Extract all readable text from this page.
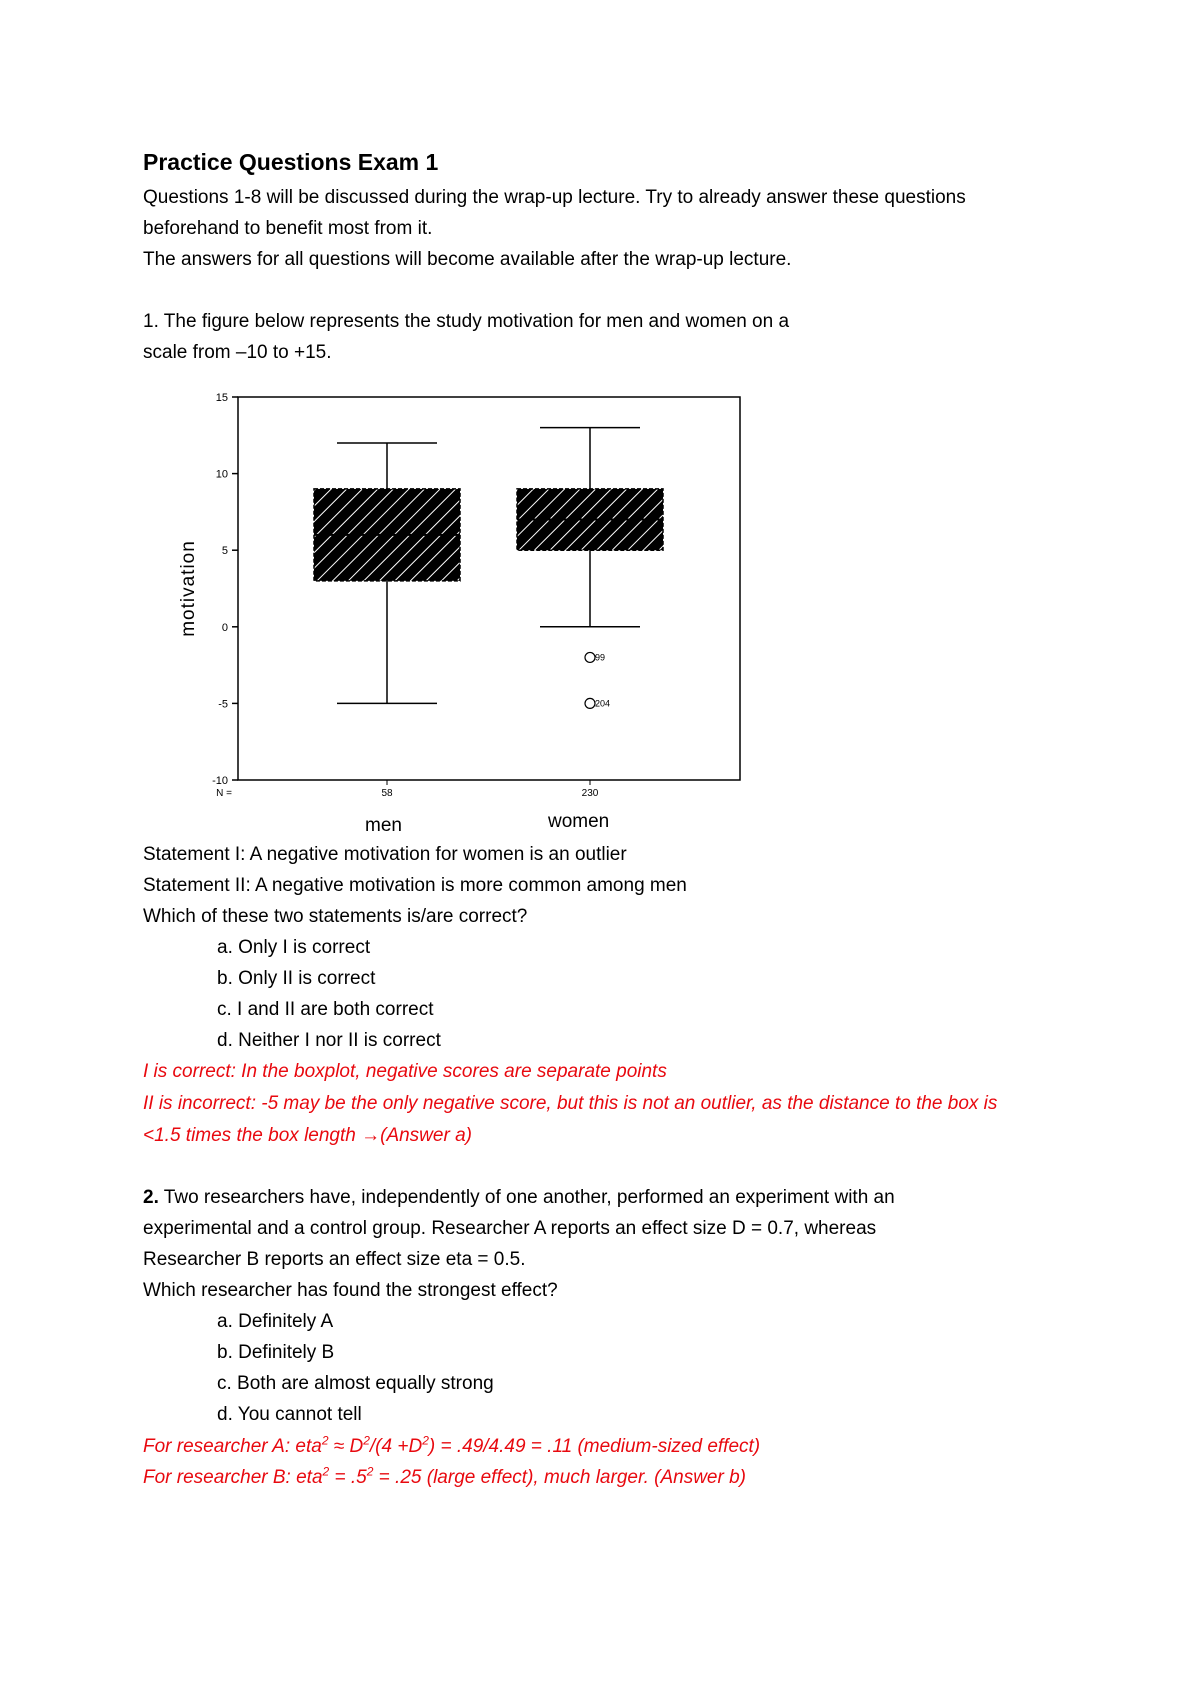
Practice Questions Exam 1
Questions 1-8 will be discussed during the wrap-up lecture. Try to already answer these questions
beforehand to benefit most from it.
The answers for all questions will become available after the wrap-up lecture.
1. The figure below represents the study motivation for men and women on a
scale from –10 to +15.
15
10
5
0
-5
-10
motivation
N =	58
99
204
230
men	women
Statement I: A negative motivation for women is an outlier
Statement II: A negative motivation is more common among men
Which of these two statements is/are correct?
a. Only I is correct
b. Only II is correct
c. I and II are both correct
d. Neither I nor II is correct
I is correct: In the boxplot, negative scores are separate points
II is incorrect: -5 may be the only negative score, but this is not an outlier, as the distance to the box is
<1.5 times the box length →(Answer a)
2. Two researchers have, independently of one another, performed an experiment with an
experimental and a control group. Researcher A reports an effect size D = 0.7, whereas
Researcher B reports an effect size eta = 0.5.
Which researcher has found the strongest effect?
a. Definitely A
b. Definitely B
c. Both are almost equally strong
d. You cannot tell
For researcher A: $eta^2 \approx D^2/(4 +D^2) = .49/4.49 = .11$ (medium-sized effect)
For researcher B: $eta^2 = .5^2 = .25$ (large effect), much larger. (Answer b)
